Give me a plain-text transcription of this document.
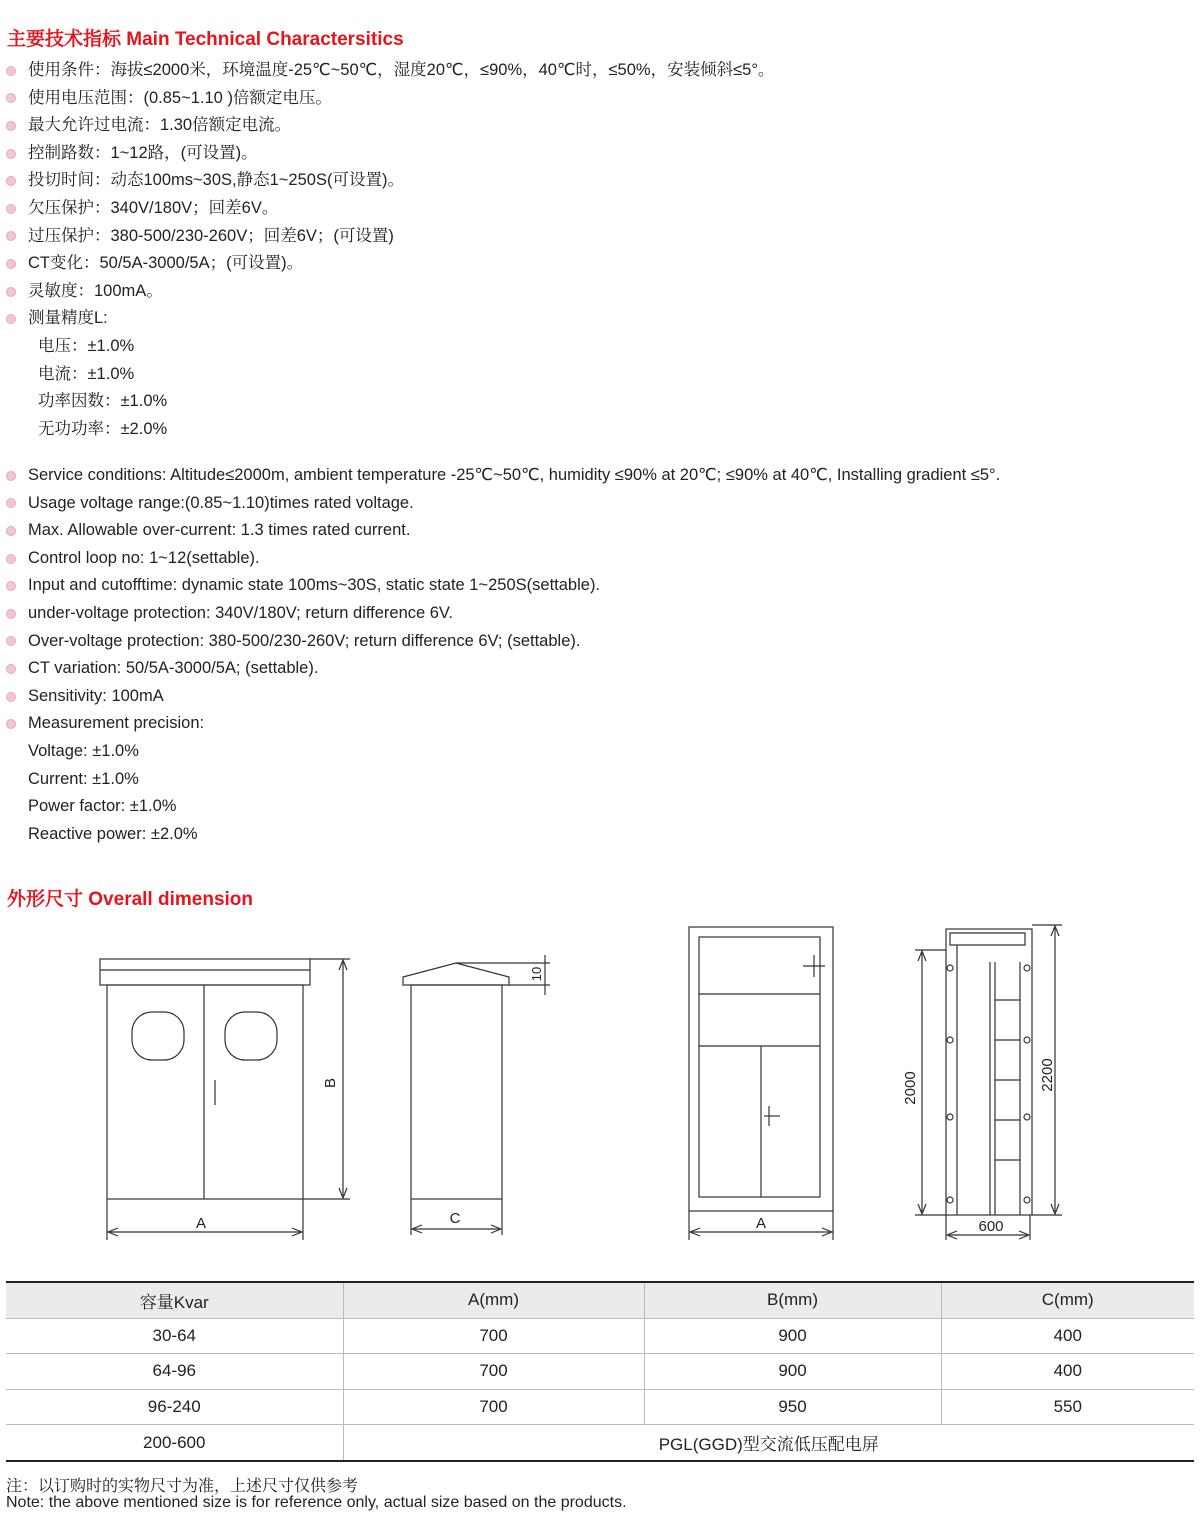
主要技术指标 Main Technical Charactersitics
使用条件：海拔≤2000米，环境温度-25℃~50℃，湿度20℃，≤90%，40℃时，≤50%，安装倾斜≤5°。
使用电压范围：(0.85~1.10 )倍额定电压。
最大允许过电流：1.30倍额定电流。
控制路数：1~12路，(可设置)。
投切时间：动态100ms~30S,静态1~250S(可设置)。
欠压保护：340V/180V；回差6V。
过压保护：380-500/230-260V；回差6V；(可设置)
CT变化：50/5A-3000/5A；(可设置)。
灵敏度：100mA。
测量精度L:
电压：±1.0%
电流：±1.0%
功率因数：±1.0%
无功功率：±2.0%
Service conditions: Altitude≤2000m, ambient temperature -25℃~50℃, humidity ≤90% at 20℃; ≤90% at 40℃, Installing gradient ≤5°.
Usage voltage range:(0.85~1.10)times rated voltage.
Max. Allowable over-current: 1.3 times rated current.
Control loop no: 1~12(settable).
Input and cutofftime: dynamic state 100ms~30S, static state 1~250S(settable).
under-voltage protection: 340V/180V; return difference 6V.
Over-voltage protection: 380-500/230-260V; return difference 6V; (settable).
CT variation: 50/5A-3000/5A; (settable).
Sensitivity: 100mA
Measurement precision:
Voltage: ±1.0%
Current: ±1.0%
Power factor: ±1.0%
Reactive power: ±2.0%
外形尺寸 Overall dimension
A
B
C
10
A
2000	2200
600
容量Kvar	A(mm)	B(mm)	C(mm)
30-64	700	900	400
64-96	700	900	400
96-240	700	950	550
200-600	PGL(GGD)型交流低压配电屏		
注：以订购时的实物尺寸为准，上述尺寸仅供参考
Note: the above mentioned size is for reference only, actual size based on the products.
